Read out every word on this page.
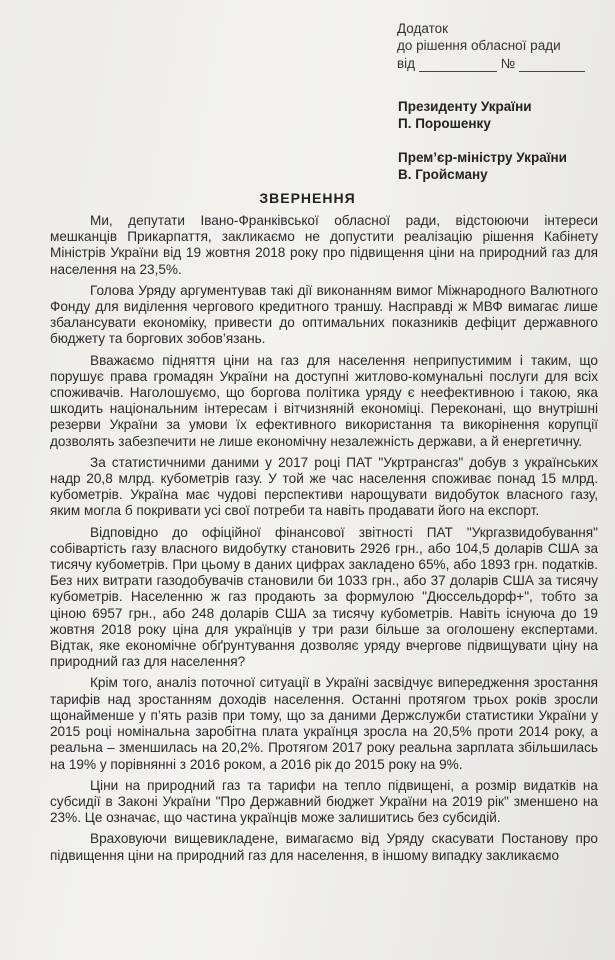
Додаток
до рішення обласної ради
від	№
Президенту України
П. Порошенку
Прем’єр-міністру України
В. Гройсману
ЗВЕРНЕННЯ

Ми, депутати Івано-Франківської обласної ради, відстоюючи інтереси мешканців Прикарпаття, закликаємо не допустити реалізацію рішення Кабінету Міністрів України від 19 жовтня 2018 року про підвищення ціни на природний газ для населення на 23,5%.

Голова Уряду аргументував такі дії виконанням вимог Міжнародного Валютного Фонду для виділення чергового кредитного траншу. Насправді ж МВФ вимагає лише збалансувати економіку, привести до оптимальних показників дефіцит державного бюджету та боргових зобов’язань.

Вважаємо підняття ціни на газ для населення неприпустимим і таким, що порушує права громадян України на доступні житлово-комунальні послуги для всіх споживачів. Наголошуємо, що боргова політика уряду є неефективною і такою, яка шкодить національним інтересам і вітчизняній економіці. Переконані, що внутрішні резерви України за умови їх ефективного використання та викорінення корупції дозволять забезпечити не лише економічну незалежність держави, а й енергетичну.

За статистичними даними у 2017 році ПАТ "Укртрансгаз" добув з українських надр 20,8 млрд. кубометрів газу. У той же час населення споживає понад 15 млрд. кубометрів. Україна має чудові перспективи нарощувати видобуток власного газу, яким могла б покривати усі свої потреби та навіть продавати його на експорт.

Відповідно до офіційної фінансової звітності ПАТ "Укргазвидобування" собівартість газу власного видобутку становить 2926 грн., або 104,5 доларів США за тисячу кубометрів. При цьому в даних цифрах закладено 65%, або 1893 грн. податків. Без них витрати газодобувачів становили би 1033 грн., або 37 доларів США за тисячу кубометрів. Населенню ж газ продають за формулою "Дюссельдорф+", тобто за ціною 6957 грн., або 248 доларів США за тисячу кубометрів. Навіть існуюча до 19 жовтня 2018 року ціна для українців у три рази більше за оголошену експертами. Відтак, яке економічне обґрунтування дозволяє уряду вчергове підвищувати ціну на природний газ для населення?

Крім того, аналіз поточної ситуації в Україні засвідчує випередження зростання тарифів над зростанням доходів населення. Останні протягом трьох років зросли щонайменше у п’ять разів при тому, що за даними Держслужби статистики України у 2015 році номінальна заробітна плата українця зросла на 20,5% проти 2014 року, а реальна – зменшилась на 20,2%. Протягом 2017 року реальна зарплата збільшилась на 19% у порівнянні з 2016 роком, а 2016 рік до 2015 року на 9%.

Ціни на природний газ та тарифи на тепло підвищені, а розмір видатків на субсидії в Законі України "Про Державний бюджет України на 2019 рік" зменшено на 23%. Це означає, що частина українців може залишитись без субсидій.

Враховуючи вищевикладене, вимагаємо від Уряду скасувати Постанову про підвищення ціни на природний газ для населення, в іншому випадку закликаємо
